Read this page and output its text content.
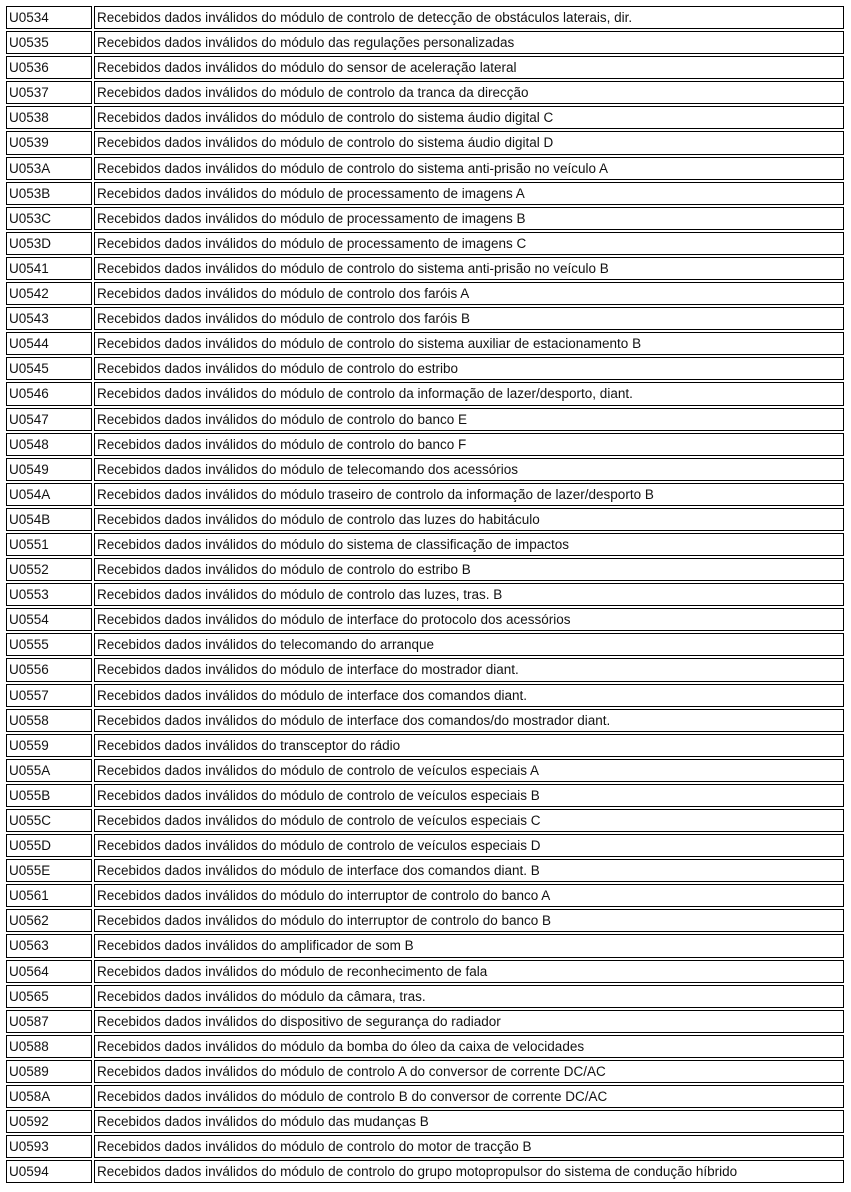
U0534	Recebidos dados inválidos do módulo de controlo de detecção de obstáculos laterais, dir.
U0535	Recebidos dados inválidos do módulo das regulações personalizadas
U0536	Recebidos dados inválidos do módulo do sensor de aceleração lateral
U0537	Recebidos dados inválidos do módulo de controlo da tranca da direcção
U0538	Recebidos dados inválidos do módulo de controlo do sistema áudio digital C
U0539	Recebidos dados inválidos do módulo de controlo do sistema áudio digital D
U053A	Recebidos dados inválidos do módulo de controlo do sistema anti-prisão no veículo A
U053B	Recebidos dados inválidos do módulo de processamento de imagens A
U053C	Recebidos dados inválidos do módulo de processamento de imagens B
U053D	Recebidos dados inválidos do módulo de processamento de imagens C
U0541	Recebidos dados inválidos do módulo de controlo do sistema anti-prisão no veículo B
U0542	Recebidos dados inválidos do módulo de controlo dos faróis A
U0543	Recebidos dados inválidos do módulo de controlo dos faróis B
U0544	Recebidos dados inválidos do módulo de controlo do sistema auxiliar de estacionamento B
U0545	Recebidos dados inválidos do módulo de controlo do estribo
U0546	Recebidos dados inválidos do módulo de controlo da informação de lazer/desporto, diant.
U0547	Recebidos dados inválidos do módulo de controlo do banco E
U0548	Recebidos dados inválidos do módulo de controlo do banco F
U0549	Recebidos dados inválidos do módulo de telecomando dos acessórios
U054A	Recebidos dados inválidos do módulo traseiro de controlo da informação de lazer/desporto B
U054B	Recebidos dados inválidos do módulo de controlo das luzes do habitáculo
U0551	Recebidos dados inválidos do módulo do sistema de classificação de impactos
U0552	Recebidos dados inválidos do módulo de controlo do estribo B
U0553	Recebidos dados inválidos do módulo de controlo das luzes, tras. B
U0554	Recebidos dados inválidos do módulo de interface do protocolo dos acessórios
U0555	Recebidos dados inválidos do telecomando do arranque
U0556	Recebidos dados inválidos do módulo de interface do mostrador diant.
U0557	Recebidos dados inválidos do módulo de interface dos comandos diant.
U0558	Recebidos dados inválidos do módulo de interface dos comandos/do mostrador diant.
U0559	Recebidos dados inválidos do transceptor do rádio
U055A	Recebidos dados inválidos do módulo de controlo de veículos especiais A
U055B	Recebidos dados inválidos do módulo de controlo de veículos especiais B
U055C	Recebidos dados inválidos do módulo de controlo de veículos especiais C
U055D	Recebidos dados inválidos do módulo de controlo de veículos especiais D
U055E	Recebidos dados inválidos do módulo de interface dos comandos diant. B
U0561	Recebidos dados inválidos do módulo do interruptor de controlo do banco A
U0562	Recebidos dados inválidos do módulo do interruptor de controlo do banco B
U0563	Recebidos dados inválidos do amplificador de som B
U0564	Recebidos dados inválidos do módulo de reconhecimento de fala
U0565	Recebidos dados inválidos do módulo da câmara, tras.
U0587	Recebidos dados inválidos do dispositivo de segurança do radiador
U0588	Recebidos dados inválidos do módulo da bomba do óleo da caixa de velocidades
U0589	Recebidos dados inválidos do módulo de controlo A do conversor de corrente DC/AC
U058A	Recebidos dados inválidos do módulo de controlo B do conversor de corrente DC/AC
U0592	Recebidos dados inválidos do módulo das mudanças B
U0593	Recebidos dados inválidos do módulo de controlo do motor de tracção B
U0594	Recebidos dados inválidos do módulo de controlo do grupo motopropulsor do sistema de condução híbrido
